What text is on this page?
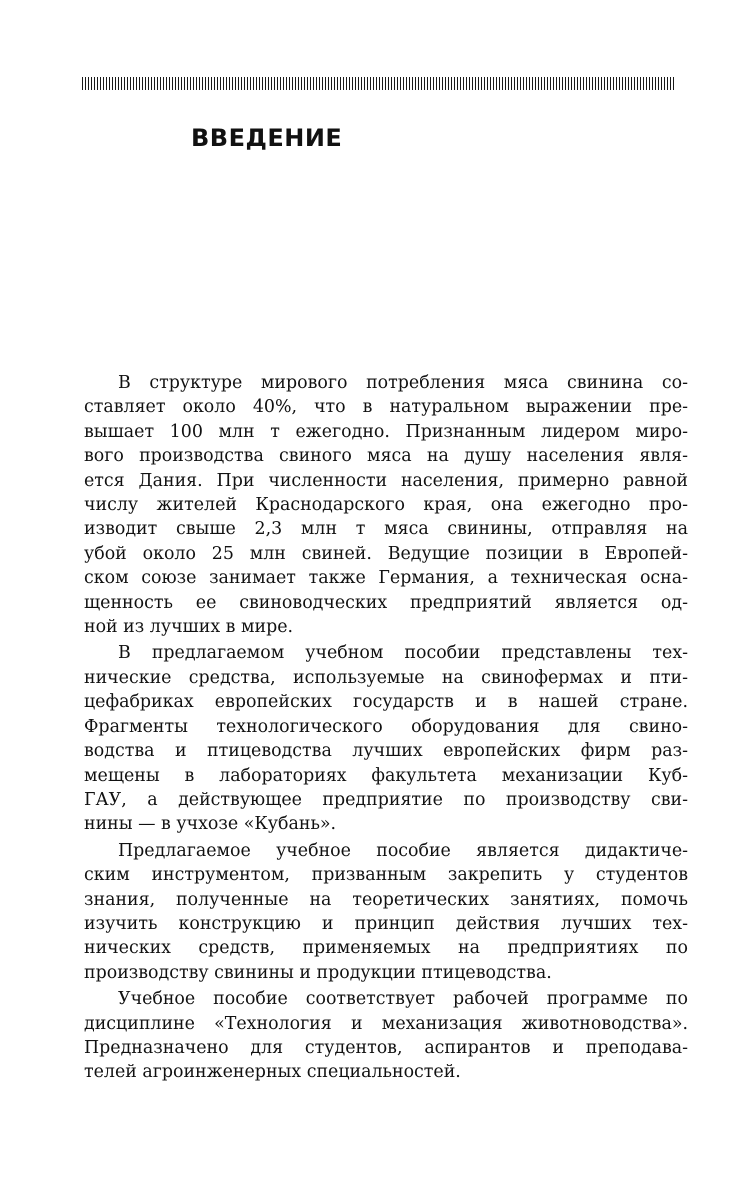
ВВЕДЕНИЕ

В структуре мирового потребления мяса свинина со-
ставляет около 40%, что в натуральном выражении пре-
вышает 100 млн т ежегодно. Признанным лидером миро-
вого производства свиного мяса на душу населения явля-
ется Дания. При численности населения, примерно равной
числу жителей Краснодарского края, она ежегодно про-
изводит свыше 2,3 млн т мяса свинины, отправляя на
убой около 25 млн свиней. Ведущие позиции в Европей-
ском союзе занимает также Германия, а техническая осна-
щенность ее свиноводческих предприятий является од-
ной из лучших в мире.

В предлагаемом учебном пособии представлены тех-
нические средства, используемые на свинофермах и пти-
цефабриках европейских государств и в нашей стране.
Фрагменты технологического оборудования для свино-
водства и птицеводства лучших европейских фирм раз-
мещены в лабораториях факультета механизации Куб-
ГАУ, а действующее предприятие по производству сви-
нины — в учхозе «Кубань».

Предлагаемое учебное пособие является дидактиче-
ским инструментом, призванным закрепить у студентов
знания, полученные на теоретических занятиях, помочь
изучить конструкцию и принцип действия лучших тех-
нических средств, применяемых на предприятиях по
производству свинины и продукции птицеводства.

Учебное пособие соответствует рабочей программе по
дисциплине «Технология и механизация животноводства».
Предназначено для студентов, аспирантов и преподава-
телей агроинженерных специальностей.
